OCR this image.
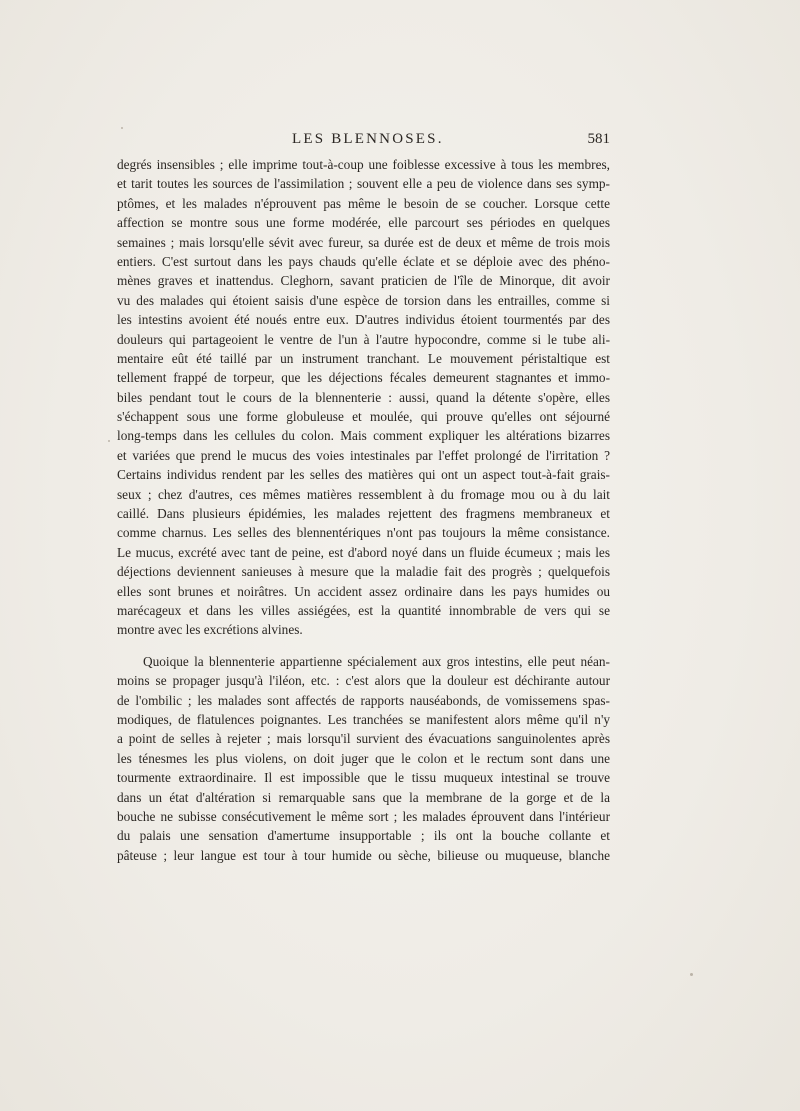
LES BLENNOSES.	581
degrés insensibles ; elle imprime tout-à-coup une foiblesse excessive à tous les membres,
et tarit toutes les sources de l'assimilation ; souvent elle a peu de violence dans ses symp-
ptômes, et les malades n'éprouvent pas même le besoin de se coucher. Lorsque cette
affection se montre sous une forme modérée, elle parcourt ses périodes en quelques
semaines ; mais lorsqu'elle sévit avec fureur, sa durée est de deux et même de trois mois
entiers. C'est surtout dans les pays chauds qu'elle éclate et se déploie avec des phéno-
mènes graves et inattendus. Cleghorn, savant praticien de l'île de Minorque, dit avoir
vu des malades qui étoient saisis d'une espèce de torsion dans les entrailles, comme si
les intestins avoient été noués entre eux. D'autres individus étoient tourmentés par des
douleurs qui partageoient le ventre de l'un à l'autre hypocondre, comme si le tube ali-
mentaire eût été taillé par un instrument tranchant. Le mouvement péristaltique est
tellement frappé de torpeur, que les déjections fécales demeurent stagnantes et immo-
biles pendant tout le cours de la blennenterie : aussi, quand la détente s'opère, elles
s'échappent sous une forme globuleuse et moulée, qui prouve qu'elles ont séjourné
long-temps dans les cellules du colon. Mais comment expliquer les altérations bizarres
et variées que prend le mucus des voies intestinales par l'effet prolongé de l'irritation ?
Certains individus rendent par les selles des matières qui ont un aspect tout-à-fait grais-
seux ; chez d'autres, ces mêmes matières ressemblent à du fromage mou ou à du lait
caillé. Dans plusieurs épidémies, les malades rejettent des fragmens membraneux et
comme charnus. Les selles des blennentériques n'ont pas toujours la même consistance.
Le mucus, excrété avec tant de peine, est d'abord noyé dans un fluide écumeux ; mais les
déjections deviennent sanieuses à mesure que la maladie fait des progrès ; quelquefois
elles sont brunes et noirâtres. Un accident assez ordinaire dans les pays humides ou
marécageux et dans les villes assiégées, est la quantité innombrable de vers qui se
montre avec les excrétions alvines.
Quoique la blennenterie appartienne spécialement aux gros intestins, elle peut néan-
moins se propager jusqu'à l'iléon, etc. : c'est alors que la douleur est déchirante autour
de l'ombilic ; les malades sont affectés de rapports nauséabonds, de vomissemens spas-
modiques, de flatulences poignantes. Les tranchées se manifestent alors même qu'il n'y
a point de selles à rejeter ; mais lorsqu'il survient des évacuations sanguinolentes après
les ténesmes les plus violens, on doit juger que le colon et le rectum sont dans une
tourmente extraordinaire. Il est impossible que le tissu muqueux intestinal se trouve
dans un état d'altération si remarquable sans que la membrane de la gorge et de la
bouche ne subisse consécutivement le même sort ; les malades éprouvent dans l'intérieur
du palais une sensation d'amertume insupportable ; ils ont la bouche collante et
pâteuse ; leur langue est tour à tour humide ou sèche, bilieuse ou muqueuse, blanche
